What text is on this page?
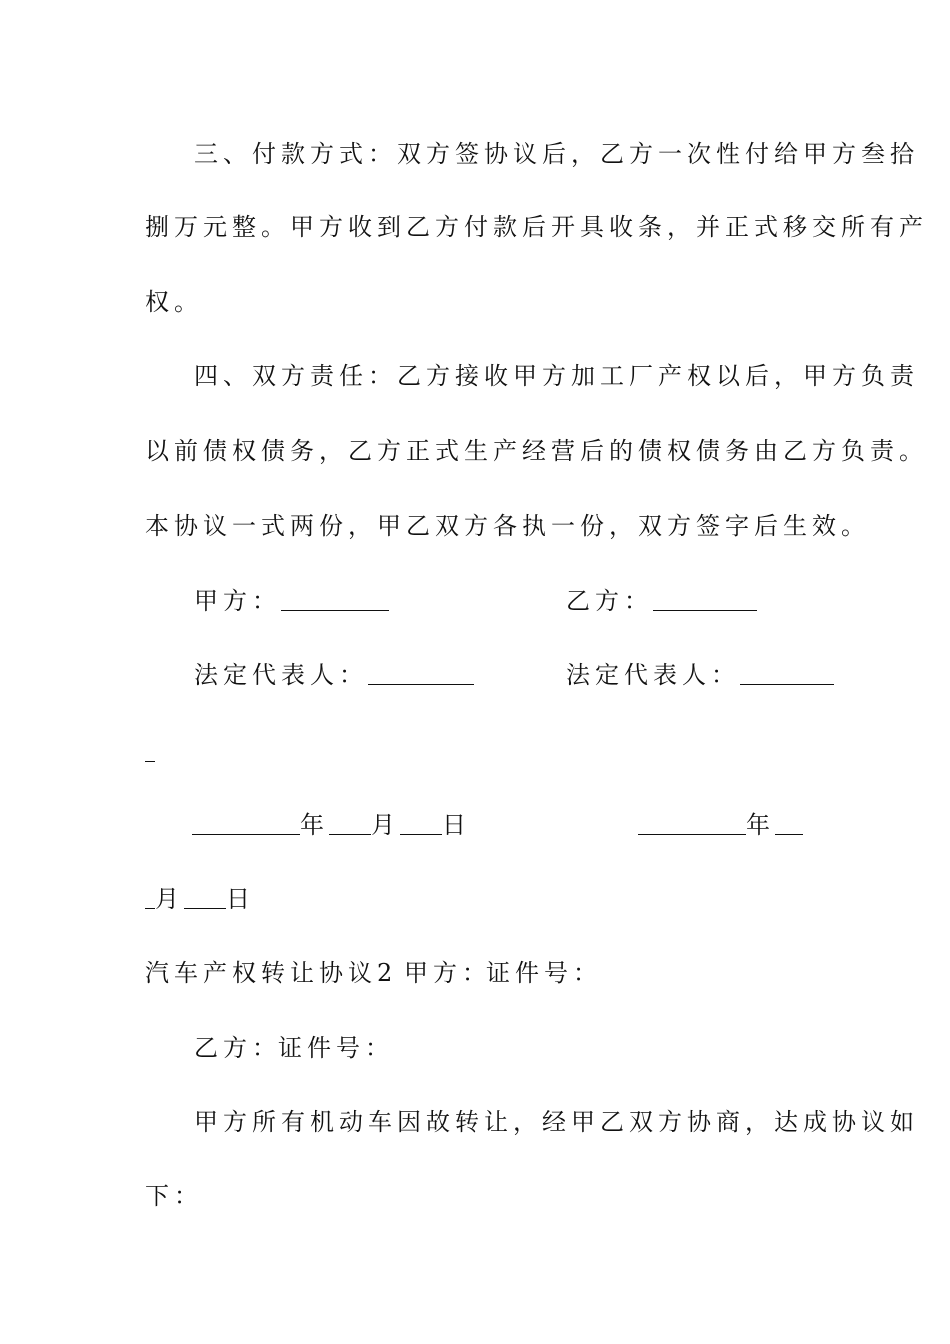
三、付款方式：双方签协议后，乙方一次性付给甲方叁拾
捌万元整。甲方收到乙方付款后开具收条，并正式移交所有产
权。
四、双方责任：乙方接收甲方加工厂产权以后，甲方负责
以前债权债务，乙方正式生产经营后的债权债务由乙方负责。
本协议一式两份，甲乙双方各执一份，双方签字后生效。
甲方：	乙方：
法定代表人：	法定代表人：
年 月 日	年
月 日
汽车产权转让协议2 甲方：
证件号：
乙方：
证件号：
甲方所有机动车因故转让，经甲乙双方协商，达成协议如
下：
